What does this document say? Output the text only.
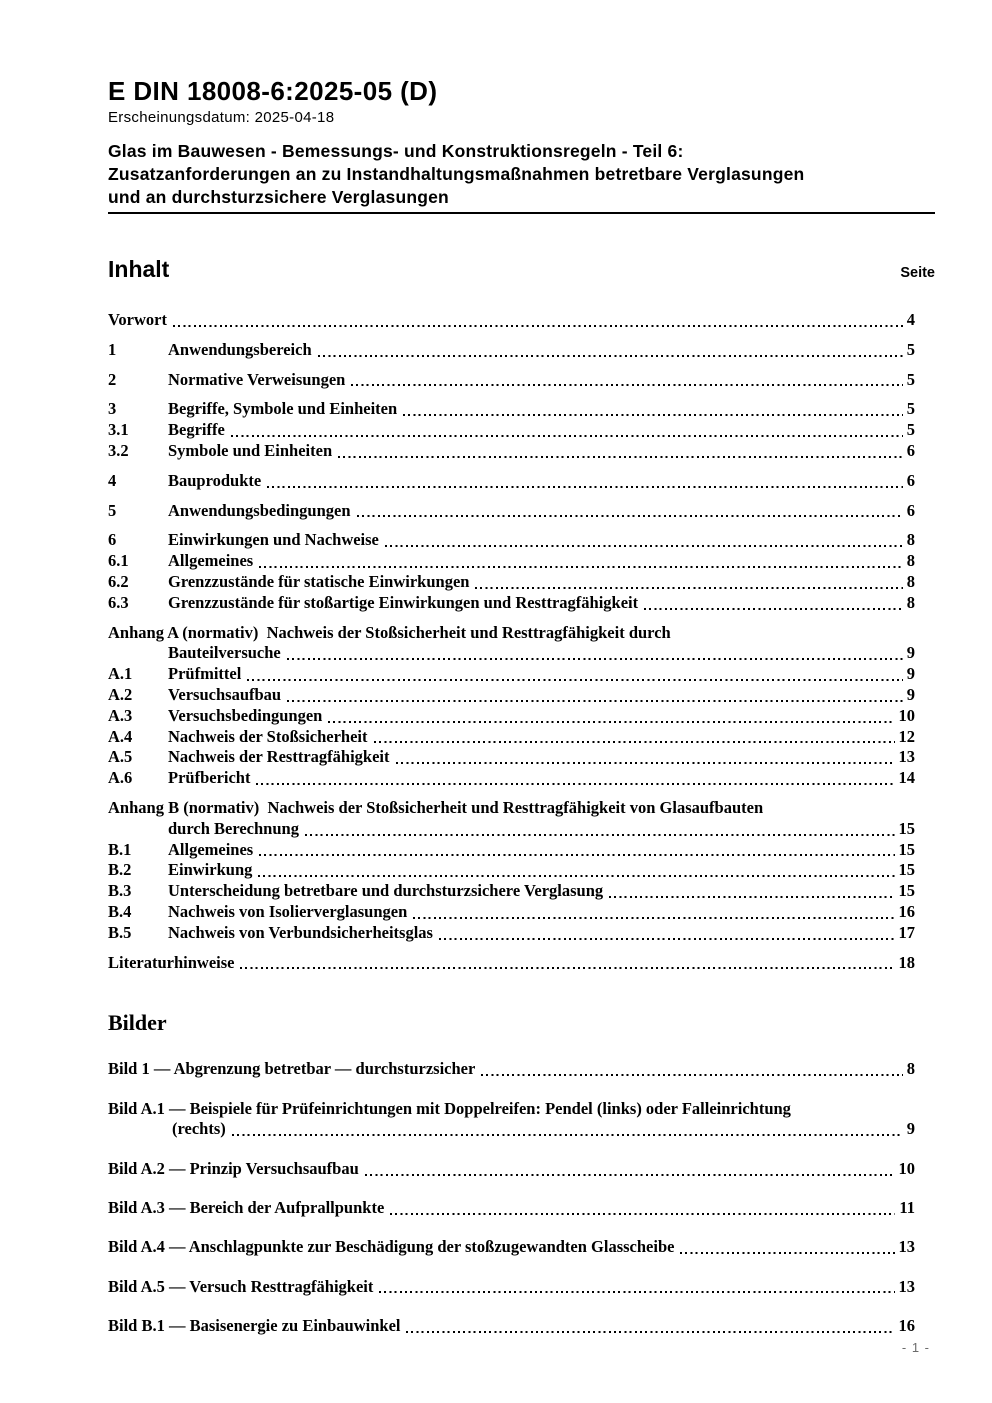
E DIN 18008-6:2025-05 (D)
Erscheinungsdatum: 2025-04-18
Glas im Bauwesen - Bemessungs- und Konstruktionsregeln - Teil 6:
Zusatzanforderungen an zu Instandhaltungsmaßnahmen betretbare Verglasungen
und an durchsturzsichere Verglasungen
Inhalt	Seite
Vorwort	4
1	Anwendungsbereich	5
2	Normative Verweisungen	5
3	Begriffe, Symbole und Einheiten	5
3.1	Begriffe	5
3.2	Symbole und Einheiten	6
4	Bauprodukte	6
5	Anwendungsbedingungen	6
6	Einwirkungen und Nachweise	8
6.1	Allgemeines	8
6.2	Grenzzustände für statische Einwirkungen	8
6.3	Grenzzustände für stoßartige Einwirkungen und Resttragfähigkeit	8
Anhang A (normativ)  Nachweis der Stoßsicherheit und Resttragfähigkeit durch
Bauteilversuche	9
A.1	Prüfmittel	9
A.2	Versuchsaufbau	9
A.3	Versuchsbedingungen	10
A.4	Nachweis der Stoßsicherheit	12
A.5	Nachweis der Resttragfähigkeit	13
A.6	Prüfbericht	14
Anhang B (normativ)  Nachweis der Stoßsicherheit und Resttragfähigkeit von Glasaufbauten
durch Berechnung	15
B.1	Allgemeines	15
B.2	Einwirkung	15
B.3	Unterscheidung betretbare und durchsturzsichere Verglasung	15
B.4	Nachweis von Isolierverglasungen	16
B.5	Nachweis von Verbundsicherheitsglas	17
Literaturhinweise	18
Bilder
Bild 1 — Abgrenzung betretbar — durchsturzsicher	8
Bild A.1 — Beispiele für Prüfeinrichtungen mit Doppelreifen: Pendel (links) oder Falleinrichtung
(rechts)	9
Bild A.2 — Prinzip Versuchsaufbau	10
Bild A.3 — Bereich der Aufprallpunkte	11
Bild A.4 — Anschlagpunkte zur Beschädigung der stoßzugewandten Glasscheibe	13
Bild A.5 — Versuch Resttragfähigkeit	13
Bild B.1 — Basisenergie zu Einbauwinkel	16
- 1 -
